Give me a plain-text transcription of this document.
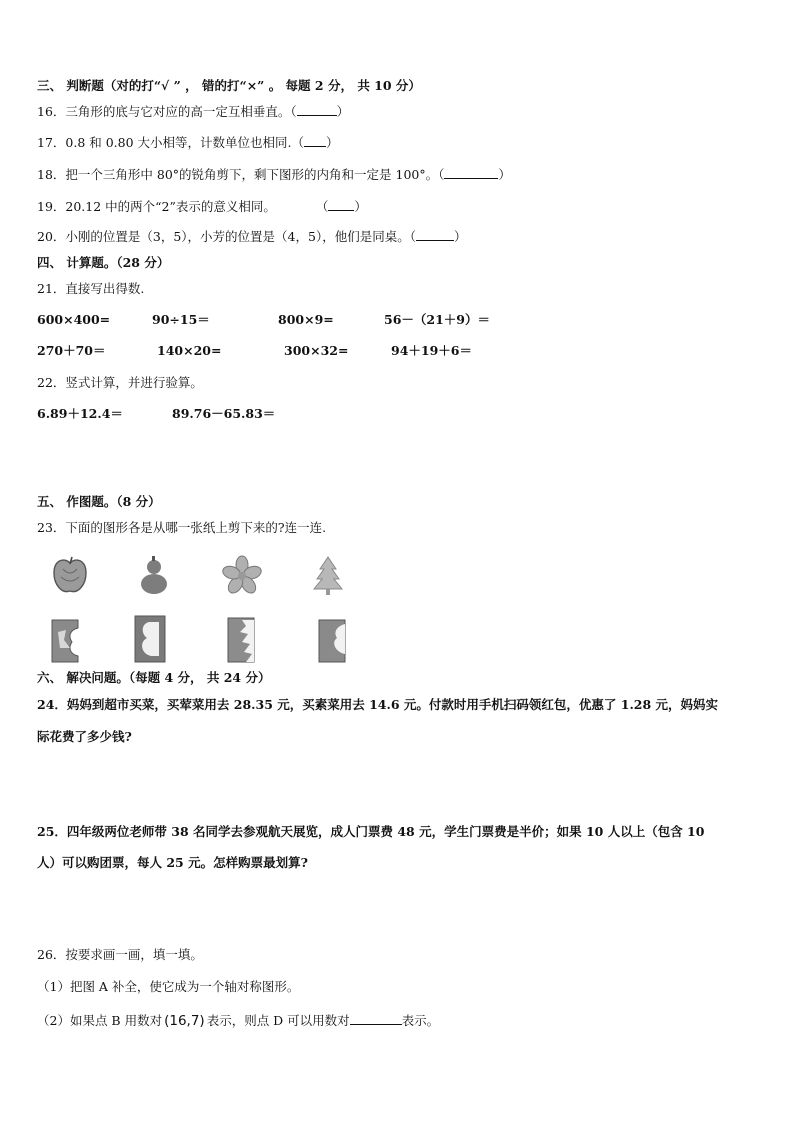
三、 判断题（对的打“√ ” ， 错的打“×” 。 每题 2 分， 共 10 分）
16．三角形的底与它对应的高一定互相垂直。（	）
17．0.8 和 0.80 大小相等，计数单位也相同.（ ）
18．把一个三角形中 80°的锐角剪下，剩下图形的内角和一定是 100°。（	）
19．20.12 中的两个“2”表示的意义相同。	（ ）
20．小刚的位置是（3，5），小芳的位置是（4，5），他们是同桌。（	）
四、 计算题。（28 分）
21．直接写出得数.
600×400=	90÷15＝	800×9=	56－（21＋9）＝
270＋70＝	140×20=	300×32=	94＋19＋6＝
22．竖式计算，并进行验算。
6.89＋12.4＝	89.76－65.83＝
五、 作图题。（8 分）
23．下面的图形各是从哪一张纸上剪下来的?连一连.
六、 解决问题。（每题 4 分， 共 24 分）
24．妈妈到超市买菜，买荤菜用去 28.35 元，买素菜用去 14.6 元。付款时用手机扫码领红包，优惠了 1.28 元，妈妈实
际花费了多少钱?
25．四年级两位老师带 38 名同学去参观航天展览，成人门票费 48 元，学生门票费是半价；如果 10 人以上（包含 10
人）可以购团票，每人 25 元。怎样购票最划算?
26．按要求画一画，填一填。
（1）把图 A 补全，使它成为一个轴对称图形。
（2）如果点 B 用数对 (16,7) 表示，则点 D 可以用数对	表示。
